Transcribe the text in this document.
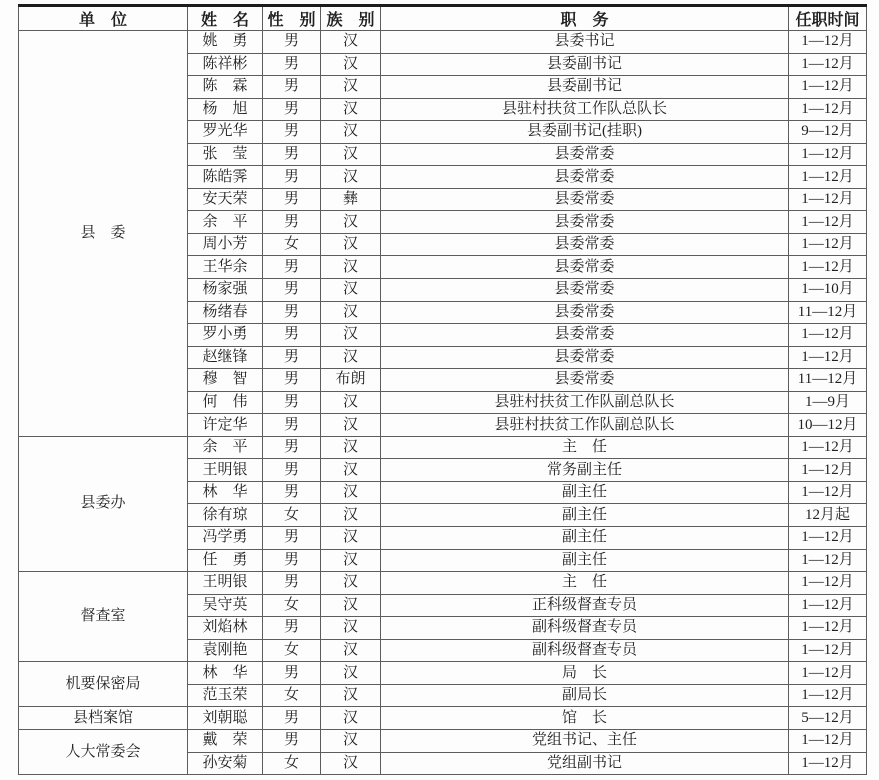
单　位	姓　名	性　别	族　别	职　务	任职时间
县　委	姚　勇	男	汉	县委书记	1—12月
	陈祥彬	男	汉	县委副书记	1—12月
	陈　霖	男	汉	县委副书记	1—12月
	杨　旭	男	汉	县驻村扶贫工作队总队长	1—12月
	罗光华	男	汉	县委副书记(挂职)	9—12月
	张　莹	男	汉	县委常委	1—12月
	陈皓霁	男	汉	县委常委	1—12月
	安天荣	男	彝	县委常委	1—12月
	余　平	男	汉	县委常委	1—12月
	周小芳	女	汉	县委常委	1—12月
	王华余	男	汉	县委常委	1—12月
	杨家强	男	汉	县委常委	1—10月
	杨绪春	男	汉	县委常委	11—12月
	罗小勇	男	汉	县委常委	1—12月
	赵继锋	男	汉	县委常委	1—12月
	穆　智	男	布朗	县委常委	11—12月
	何　伟	男	汉	县驻村扶贫工作队副总队长	1—9月
	许定华	男	汉	县驻村扶贫工作队副总队长	10—12月
县委办	余　平	男	汉	主　任	1—12月
	王明银	男	汉	常务副主任	1—12月
	林　华	男	汉	副主任	1—12月
	徐有琼	女	汉	副主任	12月起
	冯学勇	男	汉	副主任	1—12月
	任　勇	男	汉	副主任	1—12月
督查室	王明银	男	汉	主　任	1—12月
	吴守英	女	汉	正科级督查专员	1—12月
	刘焰林	男	汉	副科级督查专员	1—12月
	袁刚艳	女	汉	副科级督查专员	1—12月
机要保密局	林　华	男	汉	局　长	1—12月
	范玉荣	女	汉	副局长	1—12月
县档案馆	刘朝聪	男	汉	馆　长	5—12月
人大常委会	戴　荣	男	汉	党组书记、主任	1—12月
	孙安菊	女	汉	党组副书记	1—12月
